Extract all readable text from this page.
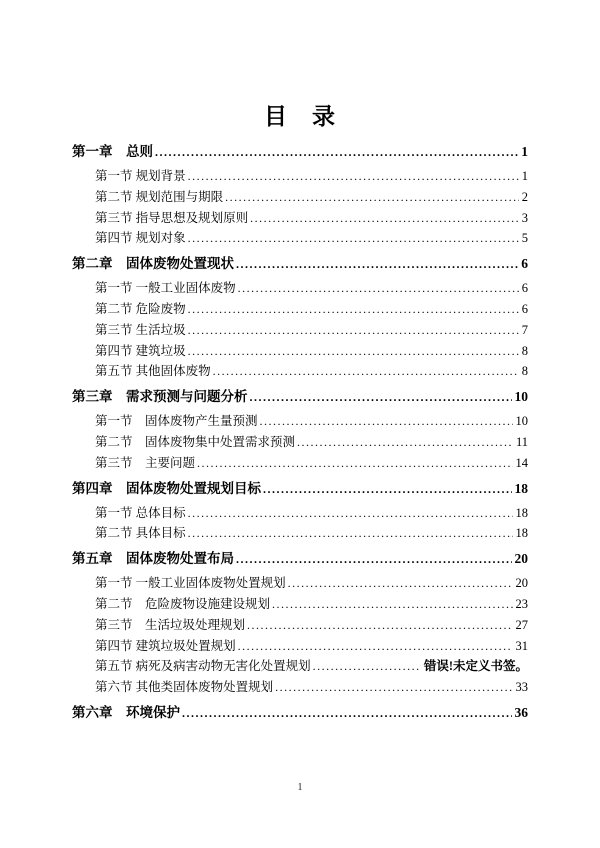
目　录
第一章　总则 .....	1
第一节 规划背景 .....	1
第二节 规划范围与期限 .....	2
第三节 指导思想及规划原则 .....	3
第四节 规划对象 .....	5
第二章　固体废物处置现状 .....	6
第一节 一般工业固体废物 .....	6
第二节 危险废物 .....	6
第三节 生活垃圾 .....	7
第四节 建筑垃圾 .....	8
第五节 其他固体废物 .....	8
第三章　需求预测与问题分析 .....	10
第一节　固体废物产生量预测 .....	10
第二节　固体废物集中处置需求预测 .....	11
第三节　主要问题 .....	14
第四章　固体废物处置规划目标 .....	18
第一节 总体目标 .....	18
第二节 具体目标 .....	18
第五章　固体废物处置布局 .....	20
第一节 一般工业固体废物处置规划 .....	20
第二节　危险废物设施建设规划 .....	23
第三节　生活垃圾处理规划 .....	27
第四节 建筑垃圾处置规划 .....	31
第五节 病死及病害动物无害化处置规划 .....	错误!未定义书签。
第六节 其他类固体废物处置规划 .....	33
第六章　环境保护 .....	36
1
